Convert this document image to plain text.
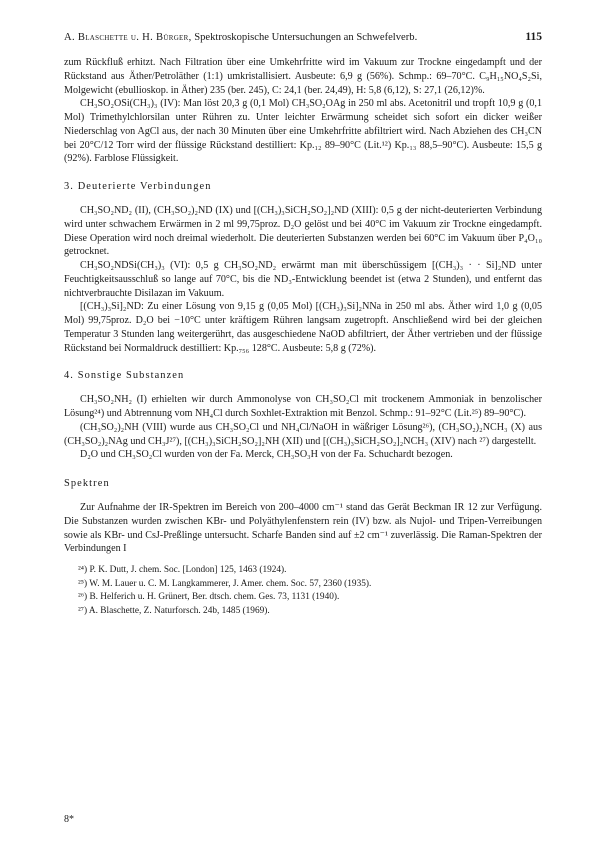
A. Blaschette u. H. Bürger, Spektroskopische Untersuchungen an Schwefelverb.	115

zum Rückfluß erhitzt. Nach Filtration über eine Umkehrfritte wird im Vakuum zur Trockne eingedampft und der Rückstand aus Äther/Petroläther (1:1) umkristallisiert. Ausbeute: 6,9 g (56%). Schmp.: 69–70°C. C₉H₁₅NO₄S₂Si, Molgewicht (ebullioskop. in Äther) 235 (ber. 245), C: 24,1 (ber. 24,49), H: 5,8 (6,12), S: 27,1 (26,12)%.

CH₃SO₂OSi(CH₃)₃ (IV): Man löst 20,3 g (0,1 Mol) CH₃SO₂OAg in 250 ml abs. Acetonitril und tropft 10,9 g (0,1 Mol) Trimethylchlorsilan unter Rühren zu. Unter leichter Erwärmung scheidet sich sofort ein dicker weißer Niederschlag von AgCl aus, der nach 30 Minuten über eine Umkehrfritte abfiltriert wird. Nach Abziehen des CH₃CN bei 20°C/12 Torr wird der flüssige Rückstand destilliert: Kp.₁₂ 89–90°C (Lit.¹²) Kp.₁₃ 88,5–90°C). Ausbeute: 15,5 g (92%). Farblose Flüssigkeit.

3. Deuterierte Verbindungen

CH₃SO₂ND₂ (II), (CH₃SO₂)₂ND (IX) und [(CH₃)₃SiCH₂SO₂]₂ND (XIII): 0,5 g der nicht-deuterierten Verbindung wird unter schwachem Erwärmen in 2 ml 99,75proz. D₂O gelöst und bei 40°C im Vakuum zir Trockne eingedampft. Diese Operation wird noch dreimal wiederholt. Die deuterierten Substanzen werden bei 60°C im Vakuum über P₄O₁₀ getrocknet.

CH₃SO₂NDSi(CH₃)₃ (VI): 0,5 g CH₃SO₂ND₂ erwärmt man mit überschüssigem [(CH₃)₃ · · Si]₂ND unter Feuchtigkeitsausschluß so lange auf 70°C, bis die ND₃-Entwicklung beendet ist (etwa 2 Stunden), und entfernt das nichtverbrauchte Disilazan im Vakuum.

[(CH₃)₃Si]₂ND: Zu einer Lösung von 9,15 g (0,05 Mol) [(CH₃)₃Si]₂NNa in 250 ml abs. Äther wird 1,0 g (0,05 Mol) 99,75proz. D₂O bei −10°C unter kräftigem Rühren langsam zugetropft. Anschließend wird bei der gleichen Temperatur 3 Stunden lang weitergerührt, das ausgeschiedene NaOD abfiltriert, der Äther vertrieben und der flüssige Rückstand bei Normaldruck destilliert: Kp.₇₅₆ 128°C. Ausbeute: 5,8 g (72%).

4. Sonstige Substanzen

CH₃SO₂NH₂ (I) erhielten wir durch Ammonolyse von CH₃SO₂Cl mit trockenem Ammoniak in benzolischer Lösung²⁴) und Abtrennung vom NH₄Cl durch Soxhlet-Extraktion mit Benzol. Schmp.: 91–92°C (Lit.²⁵) 89–90°C).

(CH₃SO₂)₂NH (VIII) wurde aus CH₃SO₂Cl und NH₄Cl/NaOH in wäßriger Lösung²⁶), (CH₃SO₂)₂NCH₃ (X) aus (CH₃SO₂)₂NAg und CH₃J²⁷), [(CH₃)₃SiCH₂SO₂]₂NH (XII) und [(CH₃)₃SiCH₂SO₂]₂NCH₃ (XIV) nach ²⁷) dargestellt.

D₂O und CH₃SO₂Cl wurden von der Fa. Merck, CH₃SO₃H von der Fa. Schuchardt bezogen.

Spektren

Zur Aufnahme der IR-Spektren im Bereich von 200–4000 cm⁻¹ stand das Gerät Beckman IR 12 zur Verfügung. Die Substanzen wurden zwischen KBr- und Polyäthylenfenstern rein (IV) bzw. als Nujol- und Tripen-Verreibungen sowie als KBr- und CsJ-Preßlinge untersucht. Scharfe Banden sind auf ±2 cm⁻¹ zuverlässig. Die Raman-Spektren der Verbindungen I

²⁴) P. K. Dutt, J. chem. Soc. [London] 125, 1463 (1924).
²⁵) W. M. Lauer u. C. M. Langkammerer, J. Amer. chem. Soc. 57, 2360 (1935).
²⁶) B. Helferich u. H. Grünert, Ber. dtsch. chem. Ges. 73, 1131 (1940).
²⁷) A. Blaschette, Z. Naturforsch. 24b, 1485 (1969).
8*
